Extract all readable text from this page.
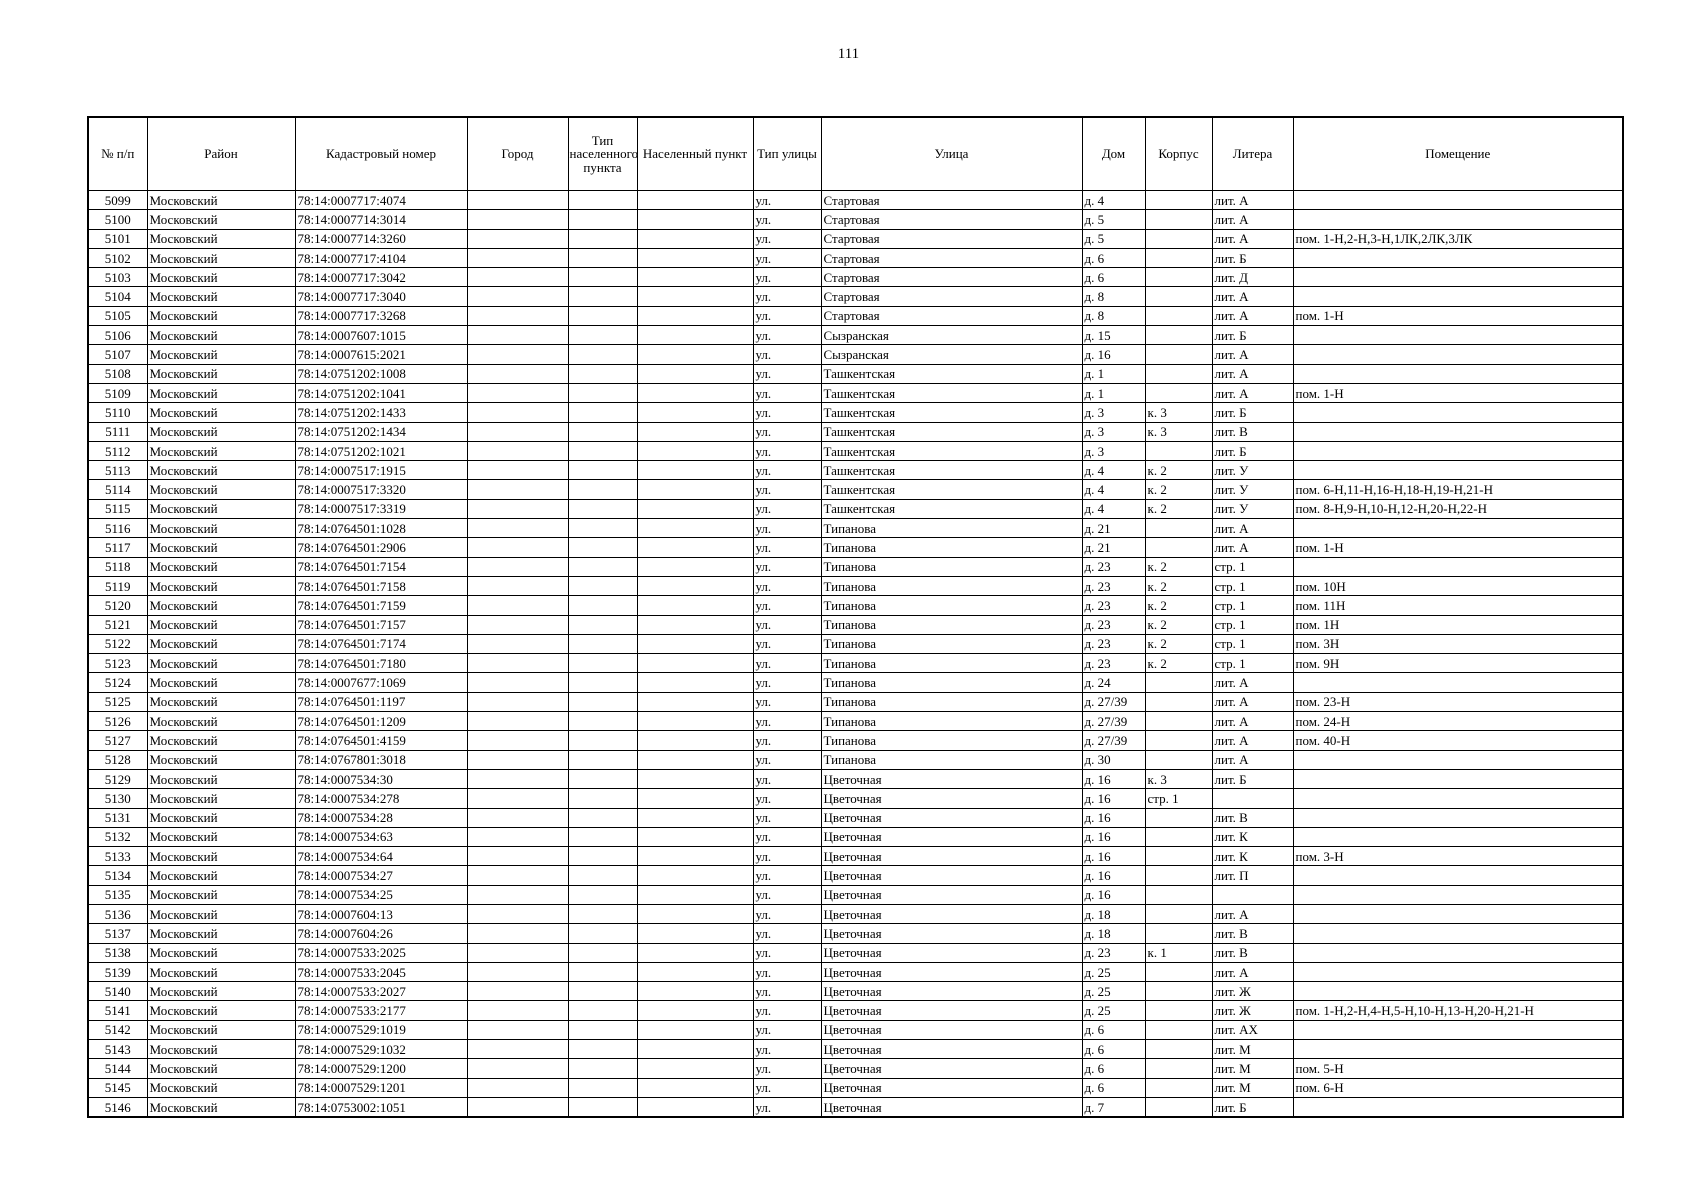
111
№ п/п	Район	Кадастровый номер	Город	Тип населенного пункта	Населенный пункт	Тип улицы	Улица	Дом	Корпус	Литера	Помещение
5099	Московский	78:14:0007717:4074				ул.	Стартовая	д. 4		лит. А	
5100	Московский	78:14:0007714:3014				ул.	Стартовая	д. 5		лит. А	
5101	Московский	78:14:0007714:3260				ул.	Стартовая	д. 5		лит. А	пом. 1-Н,2-Н,3-Н,1ЛК,2ЛК,3ЛК
5102	Московский	78:14:0007717:4104				ул.	Стартовая	д. 6		лит. Б	
5103	Московский	78:14:0007717:3042				ул.	Стартовая	д. 6		лит. Д	
5104	Московский	78:14:0007717:3040				ул.	Стартовая	д. 8		лит. А	
5105	Московский	78:14:0007717:3268				ул.	Стартовая	д. 8		лит. А	пом. 1-Н
5106	Московский	78:14:0007607:1015				ул.	Сызранская	д. 15		лит. Б	
5107	Московский	78:14:0007615:2021				ул.	Сызранская	д. 16		лит. А	
5108	Московский	78:14:0751202:1008				ул.	Ташкентская	д. 1		лит. А	
5109	Московский	78:14:0751202:1041				ул.	Ташкентская	д. 1		лит. А	пом. 1-Н
5110	Московский	78:14:0751202:1433				ул.	Ташкентская	д. 3	к. 3	лит. Б	
5111	Московский	78:14:0751202:1434				ул.	Ташкентская	д. 3	к. 3	лит. В	
5112	Московский	78:14:0751202:1021				ул.	Ташкентская	д. 3		лит. Б	
5113	Московский	78:14:0007517:1915				ул.	Ташкентская	д. 4	к. 2	лит. У	
5114	Московский	78:14:0007517:3320				ул.	Ташкентская	д. 4	к. 2	лит. У	пом. 6-Н,11-Н,16-Н,18-Н,19-Н,21-Н
5115	Московский	78:14:0007517:3319				ул.	Ташкентская	д. 4	к. 2	лит. У	пом. 8-Н,9-Н,10-Н,12-Н,20-Н,22-Н
5116	Московский	78:14:0764501:1028				ул.	Типанова	д. 21		лит. А	
5117	Московский	78:14:0764501:2906				ул.	Типанова	д. 21		лит. А	пом. 1-Н
5118	Московский	78:14:0764501:7154				ул.	Типанова	д. 23	к. 2	стр. 1	
5119	Московский	78:14:0764501:7158				ул.	Типанова	д. 23	к. 2	стр. 1	пом. 10Н
5120	Московский	78:14:0764501:7159				ул.	Типанова	д. 23	к. 2	стр. 1	пом. 11Н
5121	Московский	78:14:0764501:7157				ул.	Типанова	д. 23	к. 2	стр. 1	пом. 1Н
5122	Московский	78:14:0764501:7174				ул.	Типанова	д. 23	к. 2	стр. 1	пом. 3Н
5123	Московский	78:14:0764501:7180				ул.	Типанова	д. 23	к. 2	стр. 1	пом. 9Н
5124	Московский	78:14:0007677:1069				ул.	Типанова	д. 24		лит. А	
5125	Московский	78:14:0764501:1197				ул.	Типанова	д. 27/39		лит. А	пом. 23-Н
5126	Московский	78:14:0764501:1209				ул.	Типанова	д. 27/39		лит. А	пом. 24-Н
5127	Московский	78:14:0764501:4159				ул.	Типанова	д. 27/39		лит. А	пом. 40-Н
5128	Московский	78:14:0767801:3018				ул.	Типанова	д. 30		лит. А	
5129	Московский	78:14:0007534:30				ул.	Цветочная	д. 16	к. 3	лит. Б	
5130	Московский	78:14:0007534:278				ул.	Цветочная	д. 16	стр. 1		
5131	Московский	78:14:0007534:28				ул.	Цветочная	д. 16		лит. В	
5132	Московский	78:14:0007534:63				ул.	Цветочная	д. 16		лит. К	
5133	Московский	78:14:0007534:64				ул.	Цветочная	д. 16		лит. К	пом. 3-Н
5134	Московский	78:14:0007534:27				ул.	Цветочная	д. 16		лит. П	
5135	Московский	78:14:0007534:25				ул.	Цветочная	д. 16			
5136	Московский	78:14:0007604:13				ул.	Цветочная	д. 18		лит. А	
5137	Московский	78:14:0007604:26				ул.	Цветочная	д. 18		лит. В	
5138	Московский	78:14:0007533:2025				ул.	Цветочная	д. 23	к. 1	лит. В	
5139	Московский	78:14:0007533:2045				ул.	Цветочная	д. 25		лит. А	
5140	Московский	78:14:0007533:2027				ул.	Цветочная	д. 25		лит. Ж	
5141	Московский	78:14:0007533:2177				ул.	Цветочная	д. 25		лит. Ж	пом. 1-Н,2-Н,4-Н,5-Н,10-Н,13-Н,20-Н,21-Н
5142	Московский	78:14:0007529:1019				ул.	Цветочная	д. 6		лит. АХ	
5143	Московский	78:14:0007529:1032				ул.	Цветочная	д. 6		лит. М	
5144	Московский	78:14:0007529:1200				ул.	Цветочная	д. 6		лит. М	пом. 5-Н
5145	Московский	78:14:0007529:1201				ул.	Цветочная	д. 6		лит. М	пом. 6-Н
5146	Московский	78:14:0753002:1051				ул.	Цветочная	д. 7		лит. Б	
